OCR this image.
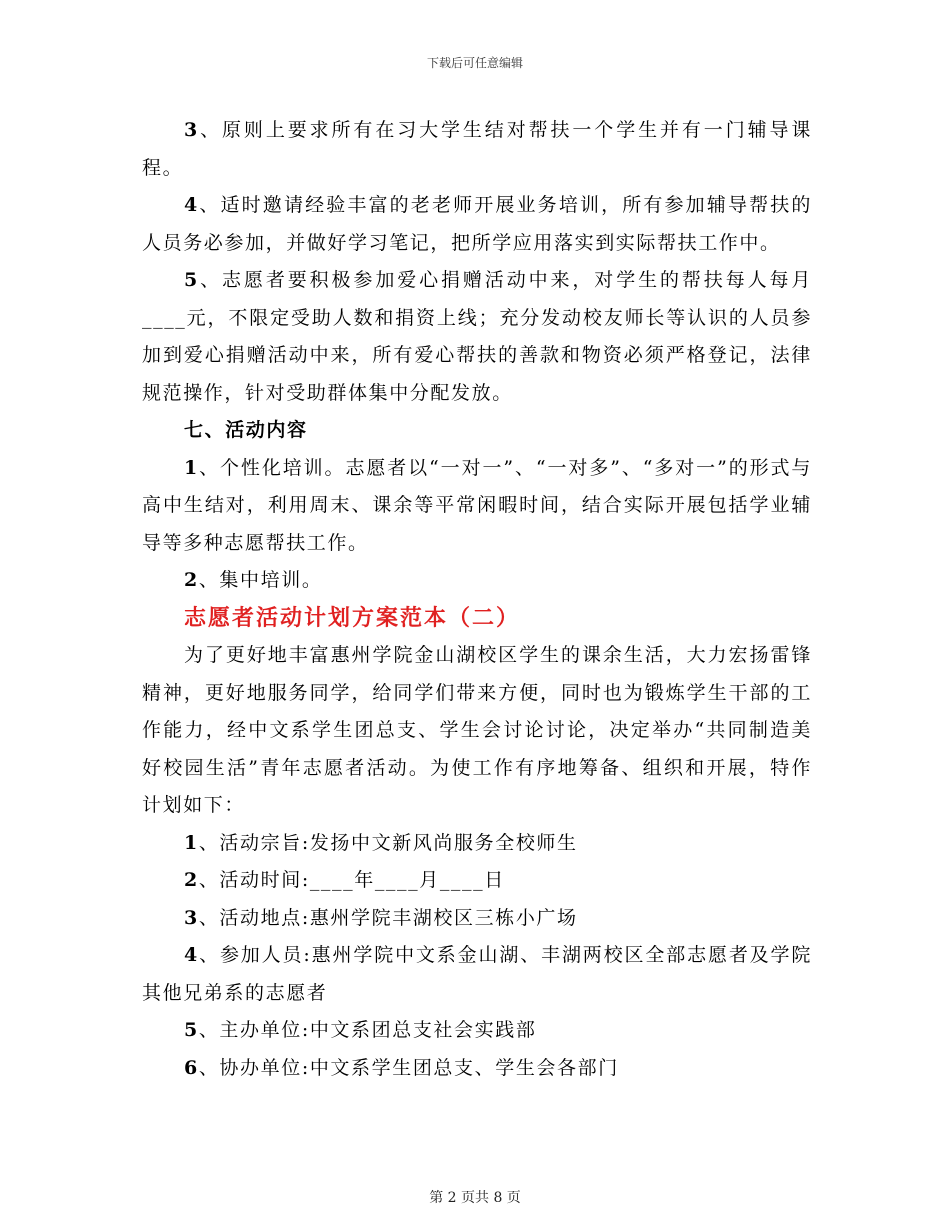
下载后可任意编辑

3、原则上要求所有在习大学生结对帮扶一个学生并有一门辅导课程。

4、适时邀请经验丰富的老老师开展业务培训，所有参加辅导帮扶的人员务必参加，并做好学习笔记，把所学应用落实到实际帮扶工作中。

5、志愿者要积极参加爱心捐赠活动中来，对学生的帮扶每人每月____元，不限定受助人数和捐资上线；充分发动校友师长等认识的人员参加到爱心捐赠活动中来，所有爱心帮扶的善款和物资必须严格登记，法律规范操作，针对受助群体集中分配发放。

七、活动内容

1、个性化培训。志愿者以“一对一”、“一对多”、“多对一”的形式与高中生结对，利用周末、课余等平常闲暇时间，结合实际开展包括学业辅导等多种志愿帮扶工作。

2、集中培训。

志愿者活动计划方案范本（二）

为了更好地丰富惠州学院金山湖校区学生的课余生活，大力宏扬雷锋精神，更好地服务同学，给同学们带来方便，同时也为锻炼学生干部的工作能力，经中文系学生团总支、学生会讨论讨论，决定举办“共同制造美好校园生活”青年志愿者活动。为使工作有序地筹备、组织和开展，特作计划如下：

1、活动宗旨:发扬中文新风尚服务全校师生

2、活动时间:____年____月____日

3、活动地点:惠州学院丰湖校区三栋小广场

4、参加人员:惠州学院中文系金山湖、丰湖两校区全部志愿者及学院其他兄弟系的志愿者

5、主办单位:中文系团总支社会实践部

6、协办单位:中文系学生团总支、学生会各部门

第 2 页共 8 页
